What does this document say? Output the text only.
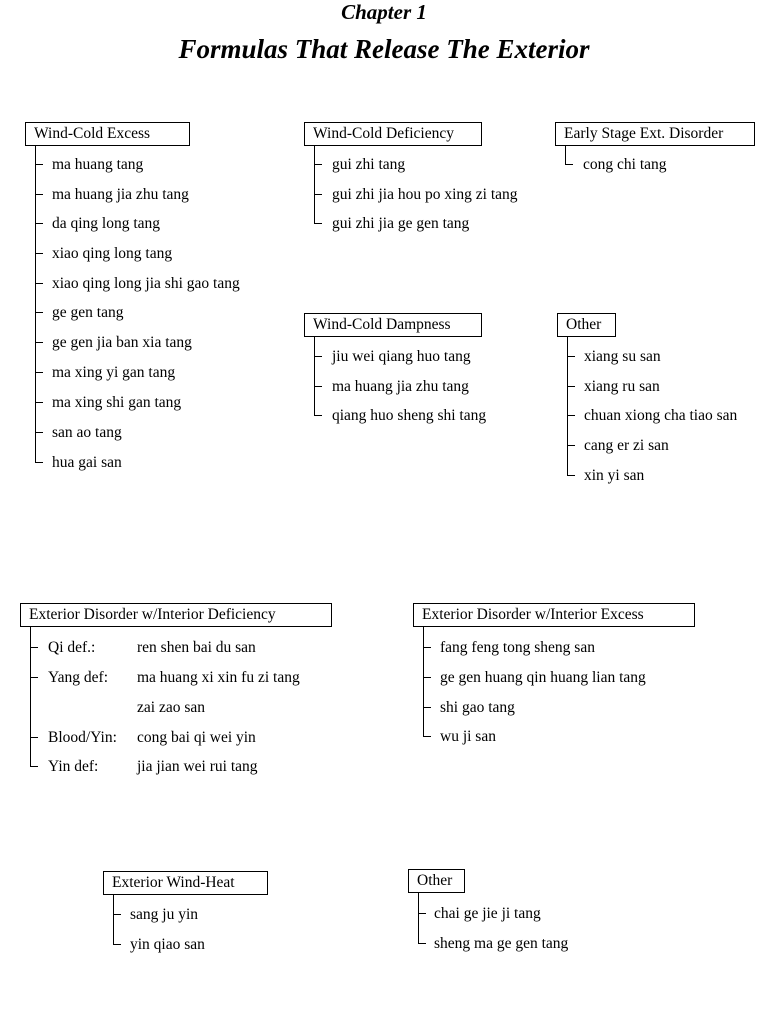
Chapter 1
Formulas That Release The Exterior
Wind-Cold Excess
ma huang tang
ma huang jia zhu tang
da qing long tang
xiao qing long tang
xiao qing long jia shi gao tang
ge gen tang
ge gen jia ban xia tang
ma xing yi gan tang
ma xing shi gan tang
san ao tang
hua gai san
Wind-Cold Deficiency
gui zhi tang
gui zhi jia hou po xing zi tang
gui zhi jia ge gen tang
Early Stage Ext. Disorder
cong chi tang
Wind-Cold Dampness
jiu wei qiang huo tang
ma huang jia zhu tang
qiang huo sheng shi tang
Other
xiang su san
xiang ru san
chuan xiong cha tiao san
cang er zi san
xin yi san
Exterior Disorder w/Interior Deficiency
Qi def.:	ren shen bai du san
Yang def: ma huang xi xin fu zi tang
zai zao san
Blood/Yin: cong bai qi wei yin
Yin def: jia jian wei rui tang
Exterior Disorder w/Interior Excess
fang feng tong sheng san
ge gen huang qin huang lian tang
shi gao tang
wu ji san
Exterior Wind-Heat
sang ju yin
yin qiao san
Other
chai ge jie ji tang
sheng ma ge gen tang
